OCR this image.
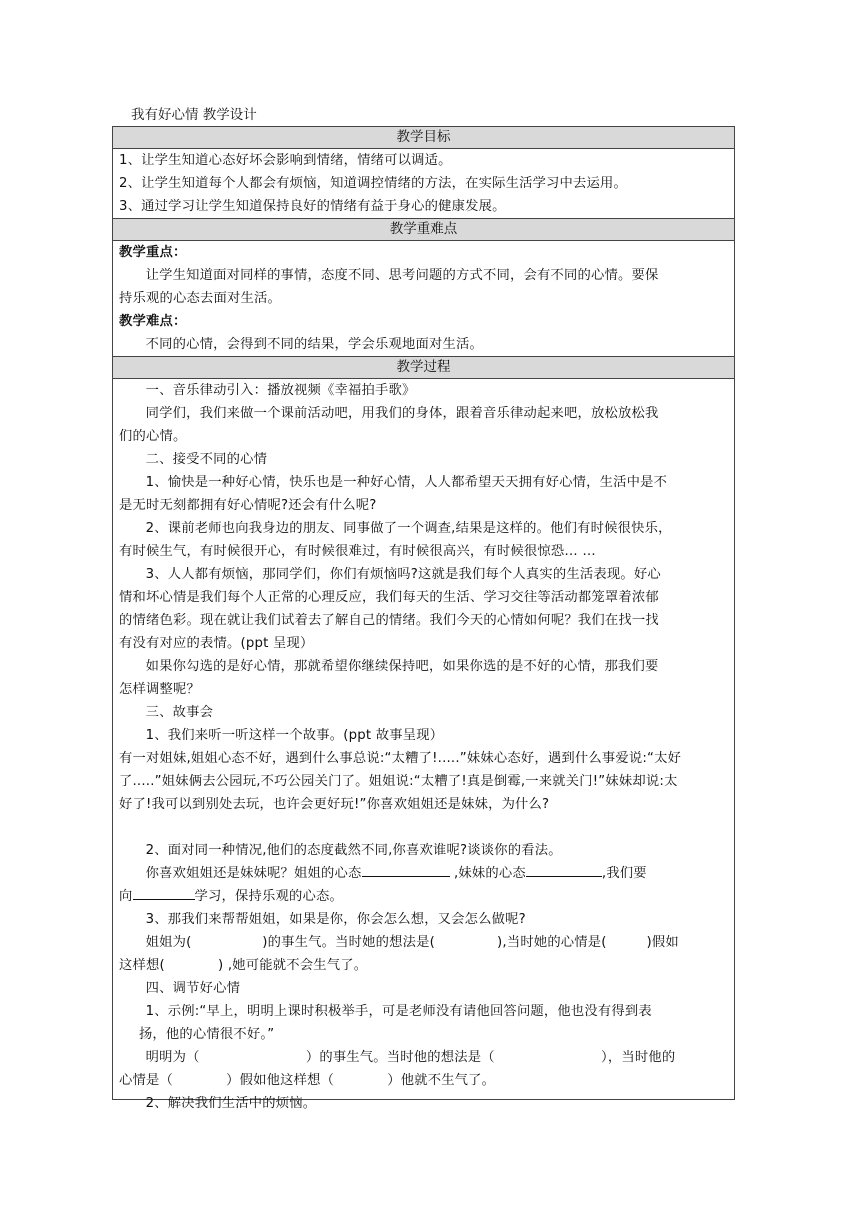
我有好心情 教学设计
教学目标

1、让学生知道心态好坏会影响到情绪，情绪可以调适。

2、让学生知道每个人都会有烦恼，知道调控情绪的方法，在实际生活学习中去运用。

3、通过学习让学生知道保持良好的情绪有益于身心的健康发展。

教学重难点

教学重点：

让学生知道面对同样的事情，态度不同、思考问题的方式不同，会有不同的心情。要保

持乐观的心态去面对生活。

教学难点：

不同的心情，会得到不同的结果，学会乐观地面对生活。

教学过程

一、音乐律动引入：播放视频《幸福拍手歌》

同学们，我们来做一个课前活动吧，用我们的身体，跟着音乐律动起来吧，放松放松我

们的心情。

二、接受不同的心情

1、愉快是一种好心情，快乐也是一种好心情，人人都希望天天拥有好心情，生活中是不

是无时无刻都拥有好心情呢?还会有什么呢?

2、课前老师也向我身边的朋友、同事做了一个调查,结果是这样的。他们有时候很快乐，

有时候生气，有时候很开心，有时候很难过，有时候很高兴，有时候很惊恐… …

3、人人都有烦恼，那同学们，你们有烦恼吗?这就是我们每个人真实的生活表现。好心

情和坏心情是我们每个人正常的心理反应，我们每天的生活、学习交往等活动都笼罩着浓郁

的情绪色彩。现在就让我们试着去了解自己的情绪。我们今天的心情如何呢？我们在找一找

有没有对应的表情。(ppt 呈现）

如果你勾选的是好心情，那就希望你继续保持吧，如果你选的是不好的心情，那我们要

怎样调整呢？

三、故事会

1、我们来听一听这样一个故事。(ppt 故事呈现）

有一对姐妹,姐姐心态不好，遇到什么事总说:“太糟了!.....”妹妹心态好，遇到什么事爱说:“太好

了.....”姐妹俩去公园玩,不巧公园关门了。姐姐说:“太糟了!真是倒霉,一来就关门!”妹妹却说:太

好了!我可以到别处去玩，也许会更好玩!”你喜欢姐姐还是妹妹，为什么?

2、面对同一种情况,他们的态度截然不同,你喜欢谁呢?谈谈你的看法。

你喜欢姐姐还是妹妹呢？姐姐的心态	,妹妹的心态	,我们要

向	学习，保持乐观的心态。

3、那我们来帮帮姐姐，如果是你，你会怎么想，又会怎么做呢?

姐姐为(                )的事生气。当时她的想法是(              ),当时她的心情是(         )假如

这样想(            ) ,她可能就不会生气了。

四、调节好心情

1、示例:“早上，明明上课时积极举手，可是老师没有请他回答问题，他也没有得到表

扬，他的心情很不好。”

明明为（                        ）的事生气。当时他的想法是（                        ），当时他的

心情是（            ）假如他这样想（            ）他就不生气了。

2、解决我们生活中的烦恼。
